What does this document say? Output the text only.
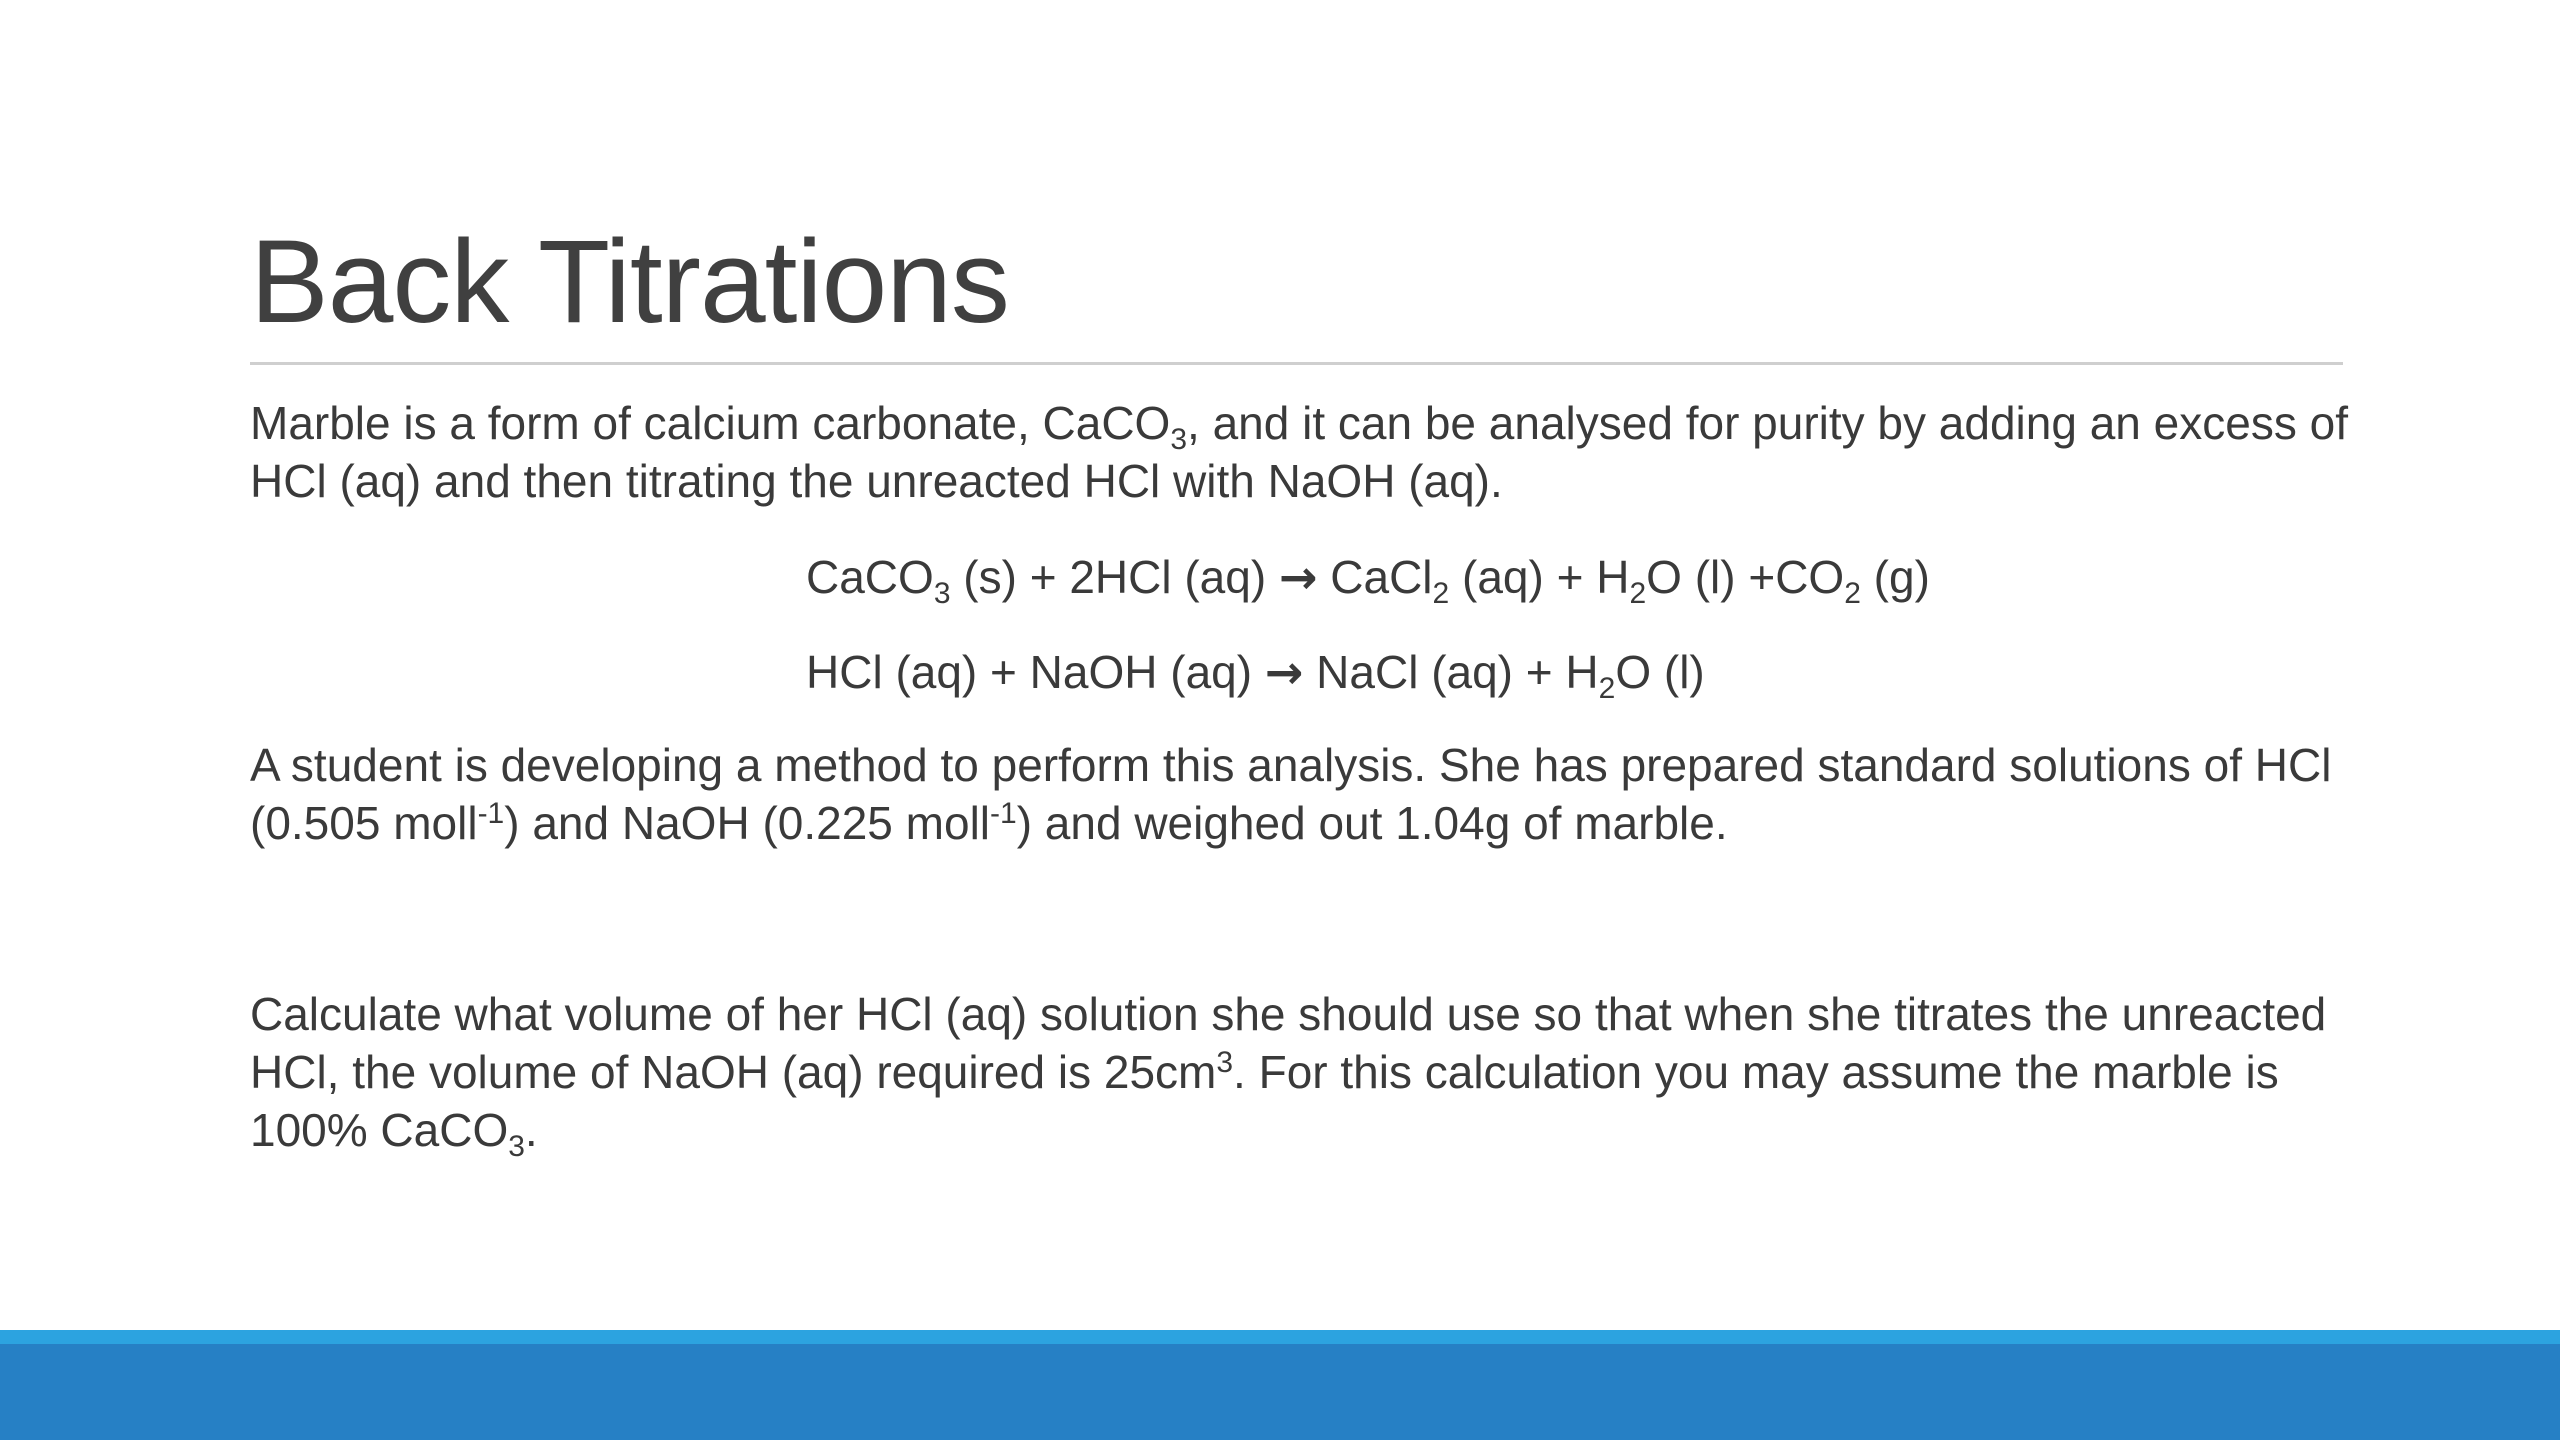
Back Titrations

Marble is a form of calcium carbonate, CaCO$_3$, and it can be analysed for purity by adding an excess of HCl (aq) and then titrating the unreacted HCl with NaOH (aq).

CaCO$_3$ (s) + 2HCl (aq) → CaCl$_2$ $(aq) + H_2O$ $(l) +CO_2$ (g)
HCl (aq) + NaOH (aq) → NaCl $(aq) + H_2O$ (l)

A student is developing a method to perform this analysis. She has prepared standard solutions of HCl (0.505 moll$^{-1}$) and NaOH (0.225 moll$^{-1}$) and weighed out 1.04g of marble.

Calculate what volume of her HCl (aq) solution she should use so that when she titrates the unreacted HCl, the volume of NaOH (aq) required is $25cm^3$. For this calculation you may assume the marble is 100% CaCO$_3$.
